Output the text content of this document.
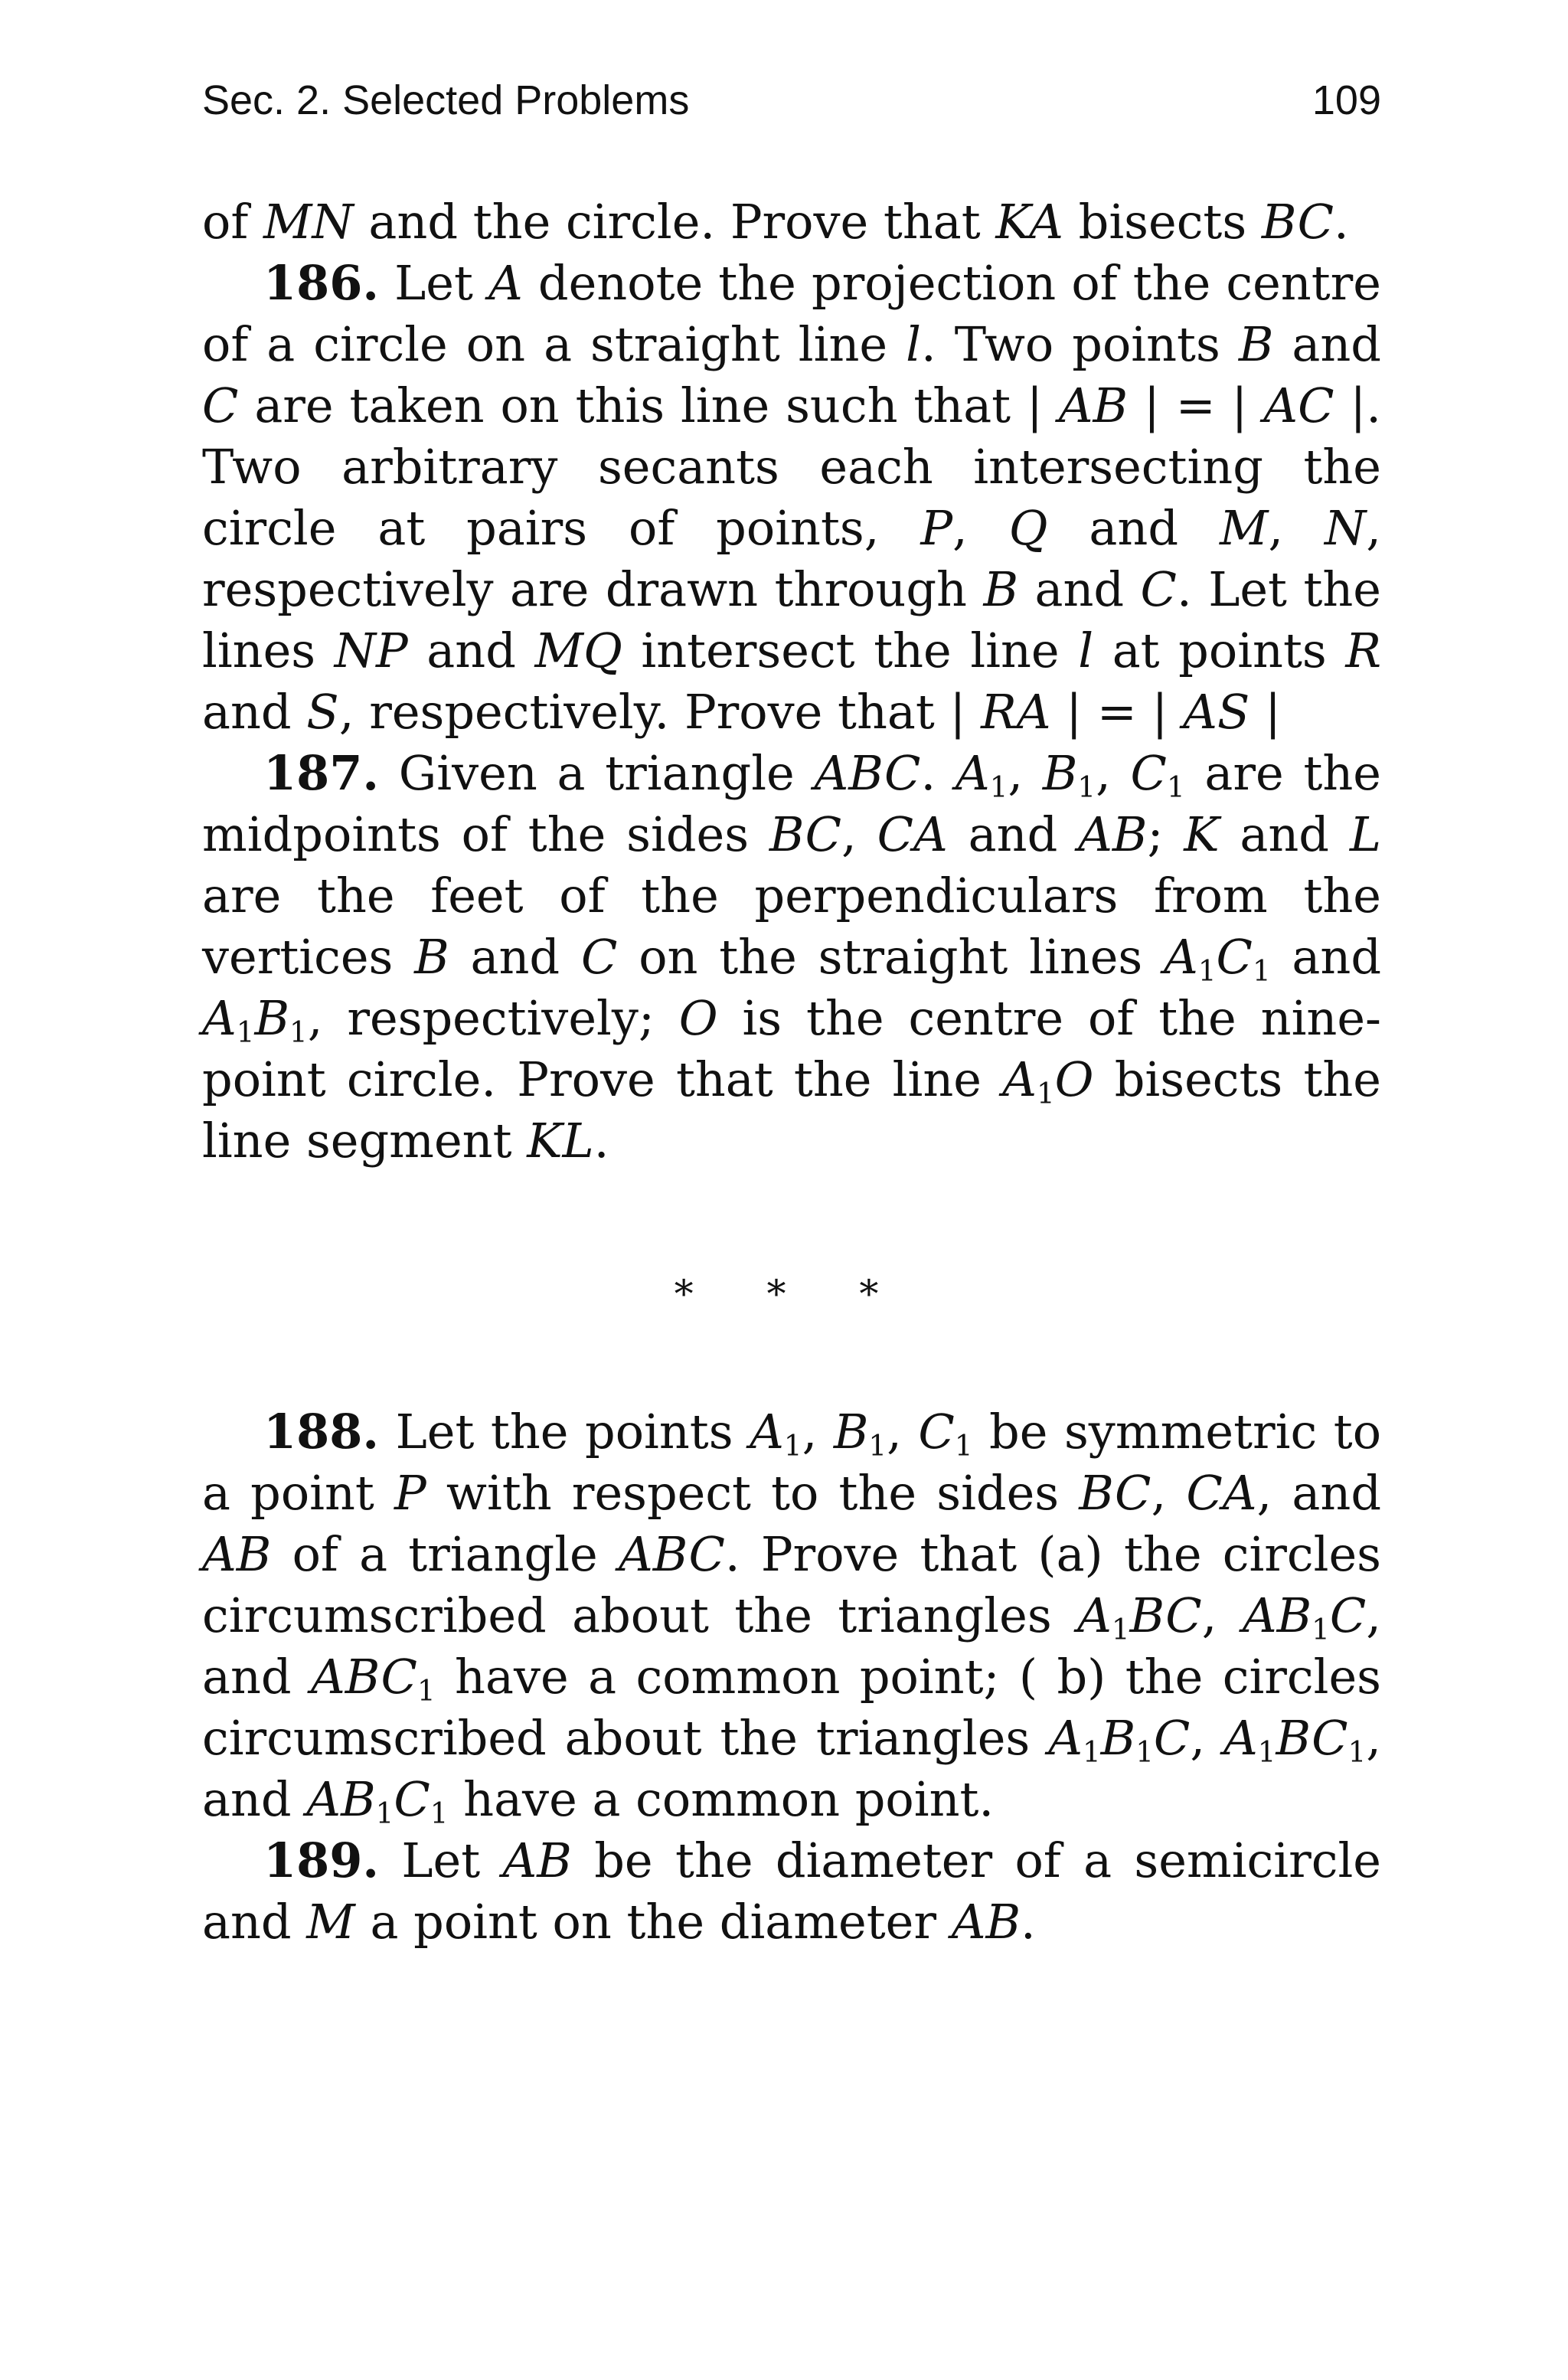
Sec. 2. Selected Problems	109

of MN and the circle. Prove that KA bisects BC.

186. Let A denote the projection of the centre of a circle on a straight line l. Two points B and C are taken on this line such that | AB | = | AC |. Two arbitrary secants each intersecting the circle at pairs of points, P, Q and M, N, respectively are drawn through B and C. Let the lines NP and MQ intersect the line l at points R and S, respectively. Prove that | RA | = | AS |

187. Given a triangle ABC. $A_1$, $B_1$, $C_1$ are the midpoints of the sides BC, CA and AB; K and L are the feet of the perpendiculars from the vertices B and C on the straight lines $A_1C_1$ and $A_1B_1$, respectively; O is the centre of the nine-point circle. Prove that the line $A_1O$ bisects the line segment KL.

* * *

188. Let the points $A_1$, $B_1$, $C_1$ be symmetric to a point P with respect to the sides BC, CA, and AB of a triangle ABC. Prove that (a) the circles circumscribed about the triangles $A_1BC$, $AB_1C$, and $ABC_1$ have a common point; ( b) the circles circumscribed about the triangles $A_1B_1C$, $A_1BC_1$, and $AB_1C_1$ have a common point.

189. Let AB be the diameter of a semicircle and M a point on the diameter AB.
